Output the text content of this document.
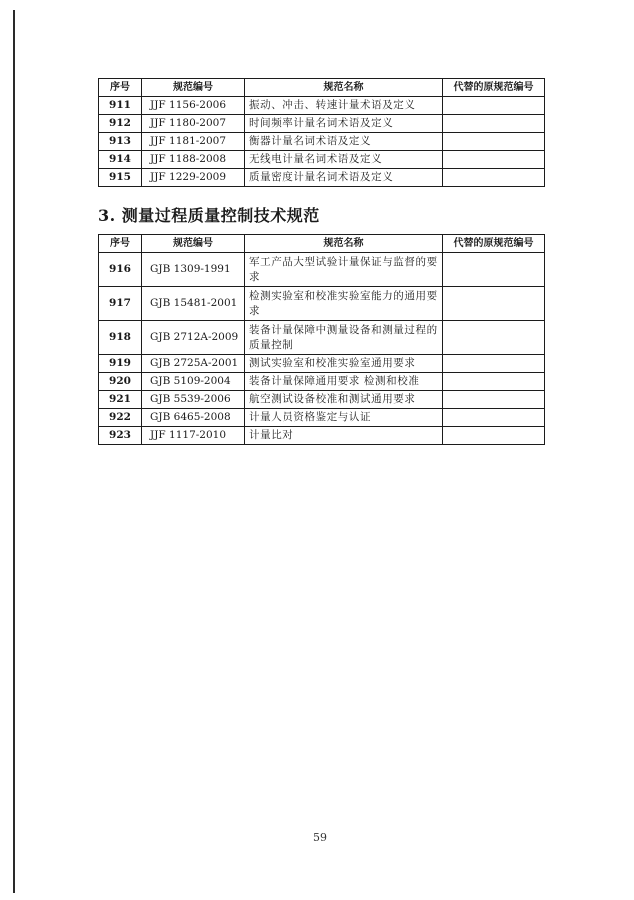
序号	规范编号	规范名称	代替的原规范编号
911	JJF 1156-2006	振动、冲击、转速计量术语及定义	
912	JJF 1180-2007	时间频率计量名词术语及定义	
913	JJF 1181-2007	衡器计量名词术语及定义	
914	JJF 1188-2008	无线电计量名词术语及定义	
915	JJF 1229-2009	质量密度计量名词术语及定义	
3. 测量过程质量控制技术规范
序号	规范编号	规范名称	代替的原规范编号
916	GJB 1309-1991	军工产品大型试验计量保证与监督的要求	
917	GJB 15481-2001	检测实验室和校准实验室能力的通用要求	
918	GJB 2712A-2009	装备计量保障中测量设备和测量过程的质量控制	
919	GJB 2725A-2001	测试实验室和校准实验室通用要求	
920	GJB 5109-2004	装备计量保障通用要求 检测和校准	
921	GJB 5539-2006	航空测试设备校准和测试通用要求	
922	GJB 6465-2008	计量人员资格鉴定与认证	
923	JJF 1117-2010	计量比对	
59
